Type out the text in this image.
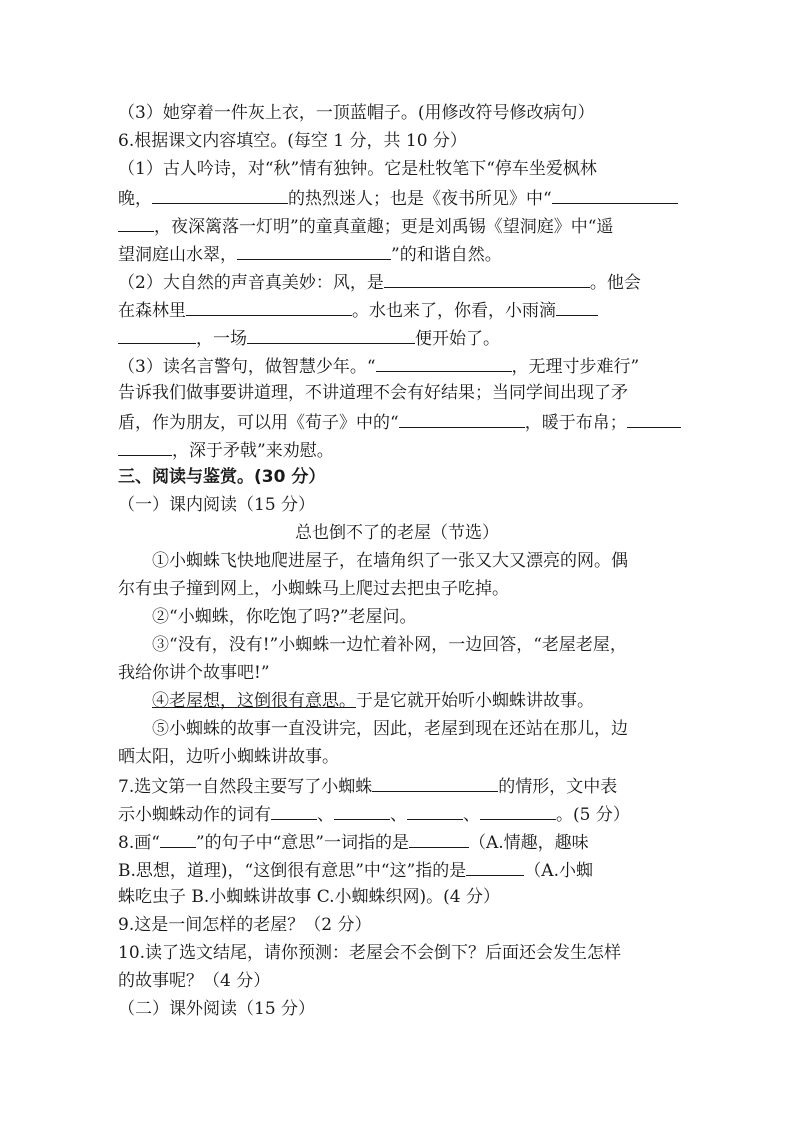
（3）她穿着一件灰上衣，一顶蓝帽子。(用修改符号修改病句）
6.根据课文内容填空。(每空 1 分，共 10 分）
（1）古人吟诗，对“秋”情有独钟。它是杜牧笔下“停车坐爱枫林
晚，	的热烈迷人；也是《夜书所见》中“
，夜深篱落一灯明”的童真童趣；更是刘禹锡《望洞庭》中“遥
望洞庭山水翠，	”的和谐自然。
（2）大自然的声音真美妙：风，是	。他会
在森林里	。水也来了，你看，小雨滴
，一场	便开始了。
（3）读名言警句，做智慧少年。“	，无理寸步难行”
告诉我们做事要讲道理，不讲道理不会有好结果；当同学间出现了矛
盾，作为朋友，可以用《荀子》中的“	，暖于布帛；
，深于矛戟”来劝慰。
三、阅读与鉴赏。(30 分）
（一）课内阅读（15 分）
总也倒不了的老屋（节选）
①小蜘蛛飞快地爬进屋子，在墙角织了一张又大又漂亮的网。偶
尔有虫子撞到网上，小蜘蛛马上爬过去把虫子吃掉。
②“小蜘蛛，你吃饱了吗?”老屋问。
③“没有，没有!”小蜘蛛一边忙着补网，一边回答，“老屋老屋，
我给你讲个故事吧!”
④老屋想，这倒很有意思。于是它就开始听小蜘蛛讲故事。
⑤小蜘蛛的故事一直没讲完，因此，老屋到现在还站在那儿，边
晒太阳，边听小蜘蛛讲故事。
7.选文第一自然段主要写了小蜘蛛	的情形，文中表
示小蜘蛛动作的词有	、	、	、	。(5 分）
8.画“ ”的句子中“意思”一词指的是	（A.情趣，趣味
B.思想，道理)，“这倒很有意思”中“这”指的是	（A.小蜘
蛛吃虫子 B.小蜘蛛讲故事 C.小蜘蛛织网)。(4 分）
9.这是一间怎样的老屋？（2 分）
10.读了选文结尾，请你预测：老屋会不会倒下？后面还会发生怎样
的故事呢？（4 分）
（二）课外阅读（15 分）
